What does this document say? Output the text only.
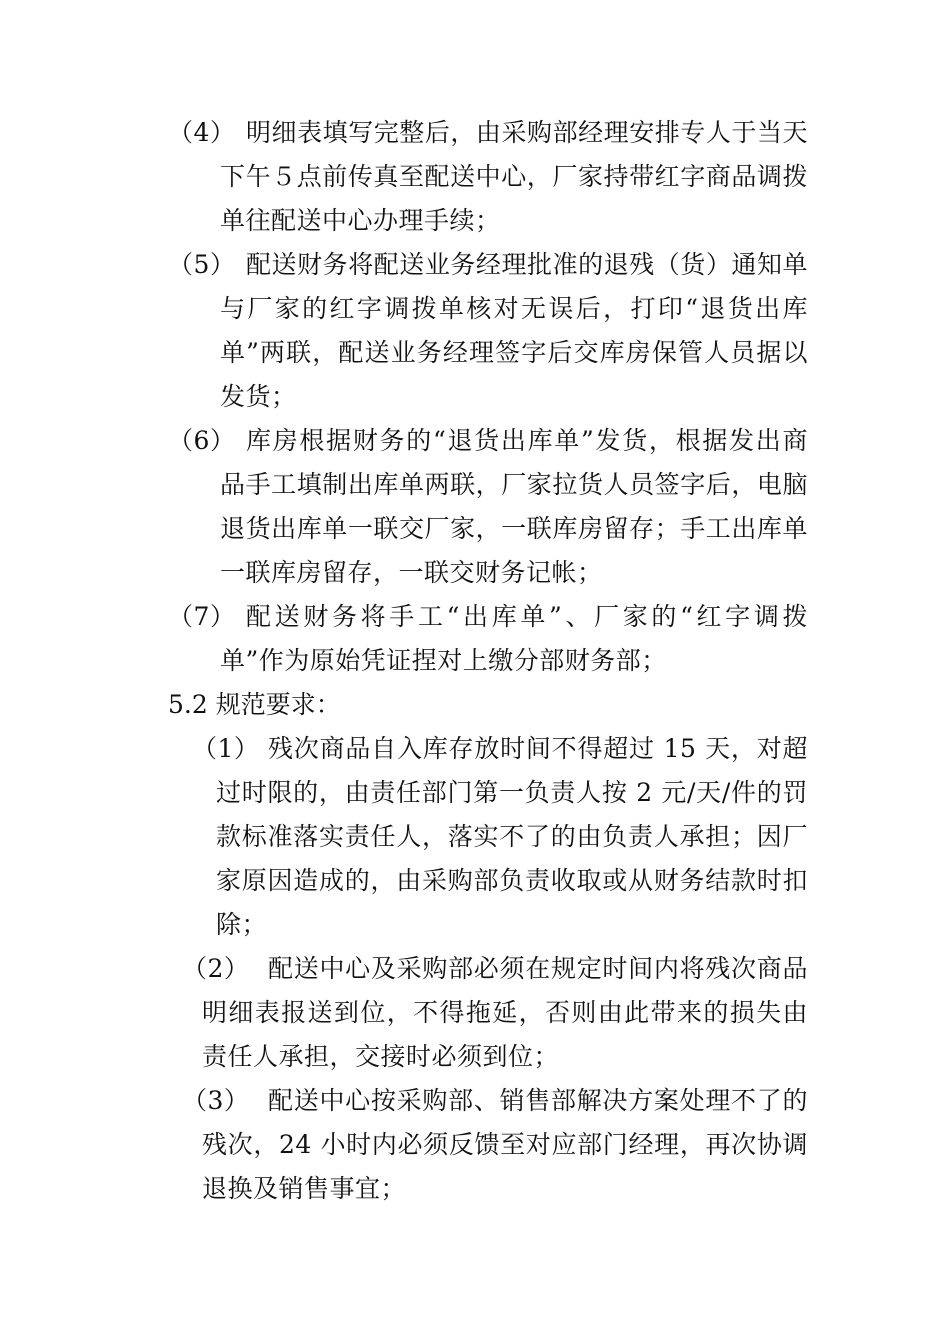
（4） 明细表填写完整后，由采购部经理安排专人于当天下午５点前传真至配送中心，厂家持带红字商品调拨单往配送中心办理手续；
（5） 配送财务将配送业务经理批准的退残（货）通知单与厂家的红字调拨单核对无误后，打印“退货出库单”两联，配送业务经理签字后交库房保管人员据以发货；
（6） 库房根据财务的“退货出库单”发货，根据发出商品手工填制出库单两联，厂家拉货人员签字后，电脑退货出库单一联交厂家，一联库房留存；手工出库单一联库房留存，一联交财务记帐；
（7） 配送财务将手工“出库单”、厂家的“红字调拨单”作为原始凭证捏对上缴分部财务部；
5.2 规范要求：
（1） 残次商品自入库存放时间不得超过 15 天，对超过时限的，由责任部门第一负责人按 2 元/天/件的罚款标准落实责任人，落实不了的由负责人承担；因厂家原因造成的，由采购部负责收取或从财务结款时扣除；
（2） 配送中心及采购部必须在规定时间内将残次商品明细表报送到位，不得拖延，否则由此带来的损失由责任人承担，交接时必须到位；
（3） 配送中心按采购部、销售部解决方案处理不了的残次，24 小时内必须反馈至对应部门经理，再次协调退换及销售事宜；
